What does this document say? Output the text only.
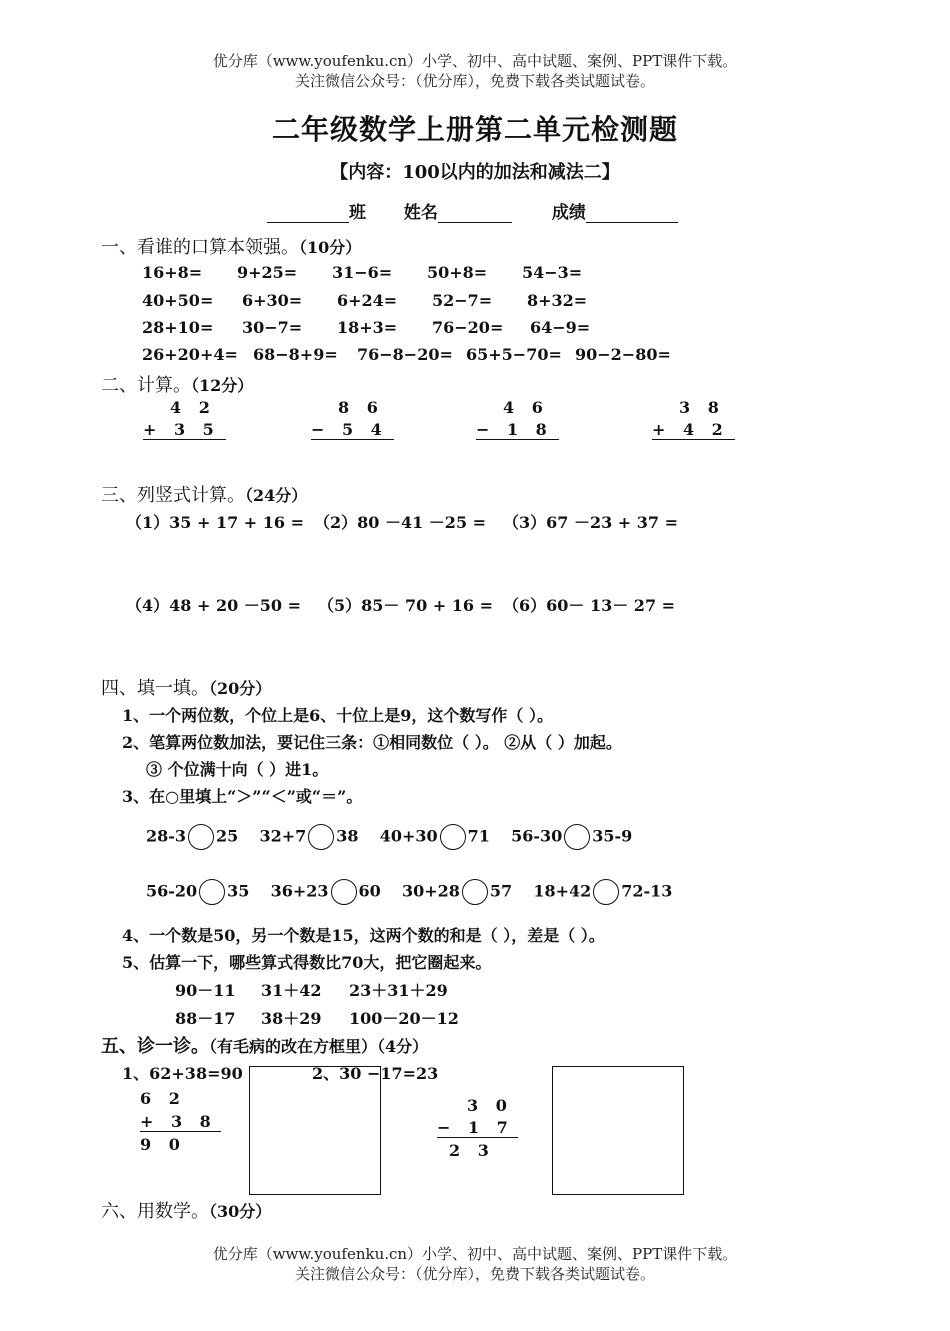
优分库（www.youfenku.cn）小学、初中、高中试题、案例、PPT课件下载。
关注微信公众号：（优分库），免费下载各类试题试卷。
二年级数学上册第二单元检测题
【内容：100以内的加法和减法二】
班 姓名	成绩
一、看谁的口算本领强。（10分）
16+8= 9+25= 31−6= 50+8= 54−3=
40+50= 6+30= 6+24= 52−7= 8+32=
28+10= 30−7= 18+3= 76−20= 64−9=
26+20+4= 68−8+9= 76−8−20= 65+5−70= 90−2−80=
二、计算。（12分）
4 2
+ 3 5
8 6
− 5 4
4 6
− 1 8
3 8
+ 4 2
三、列竖式计算。（24分）
（1）35 + 17 + 16 = （2）80 －41 －25 = （3）67 －23 + 37 =
（4）48 + 20 －50 = （5）85－ 70 + 16 = （6）60－ 13－ 27 =
四、填一填。（20分）
1、一个两位数，个位上是6、十位上是9，这个数写作（ ）。
2、笔算两位数加法，要记住三条：①相同数位（ ）。 ②从（ ）加起。
③ 个位满十向（ ）进1。
3、在○里填上“＞”“＜”或“＝”。
28-3 25 32+7 38 40+30 71 56-30 35-9
56-20 35 36+23 60 30+28 57 18+42 72-13
4、一个数是50，另一个数是15，这两个数的和是（ ），差是（ ）。
5、估算一下，哪些算式得数比70大，把它圈起来。
90－11 31＋42 23＋31＋29
88－17 38＋29 100－20－12
五、诊一诊。（有毛病的改在方框里）（4分）
1、62+38=90	2、30 −17=23
6 2
+ 3 8
9 0
3 0
− 1 7
2 3
六、用数学。（30分）
优分库（www.youfenku.cn）小学、初中、高中试题、案例、PPT课件下载。
关注微信公众号：（优分库），免费下载各类试题试卷。
